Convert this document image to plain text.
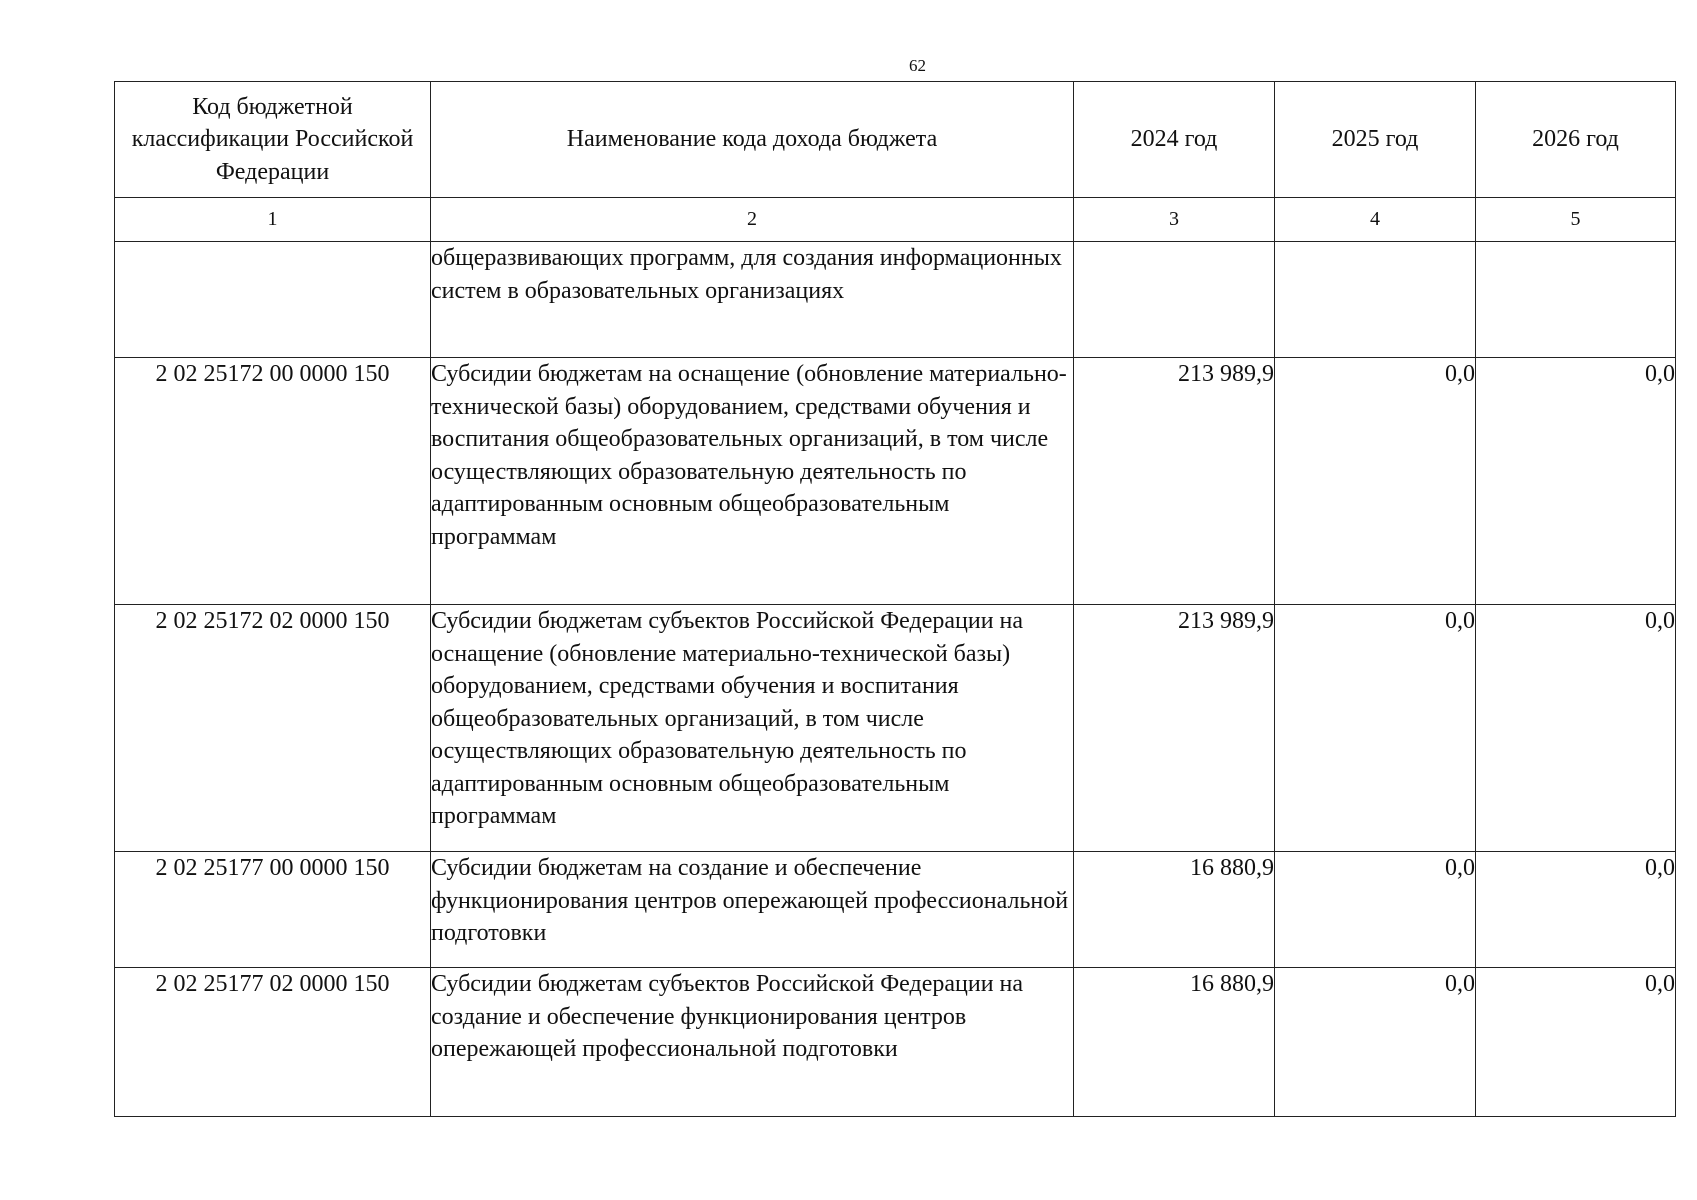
62
Код бюджетной классификации Российской Федерации	Наименование кода дохода бюджета	2024 год	2025 год	2026 год
1	2	3	4	5
	общеразвивающих программ, для создания информационных систем в образовательных организациях			
2 02 25172 00 0000 150	Субсидии бюджетам на оснащение (обновление материально-технической базы) оборудованием, средствами обучения и воспитания общеобразовательных организаций, в том числе осуществляющих образовательную деятельность по адаптированным основным общеобразовательным программам	213 989,9	0,0	0,0
2 02 25172 02 0000 150	Субсидии бюджетам субъектов Российской Федерации на оснащение (обновление материально-технической базы) оборудованием, средствами обучения и воспитания общеобразовательных организаций, в том числе осуществляющих образовательную деятельность по адаптированным основным общеобразовательным программам	213 989,9	0,0	0,0
2 02 25177 00 0000 150	Субсидии бюджетам на создание и обеспечение функционирования центров опережающей профессиональной подготовки	16 880,9	0,0	0,0
2 02 25177 02 0000 150	Субсидии бюджетам субъектов Российской Федерации на создание и обеспечение функционирования центров опережающей профессиональной подготовки	16 880,9	0,0	0,0
